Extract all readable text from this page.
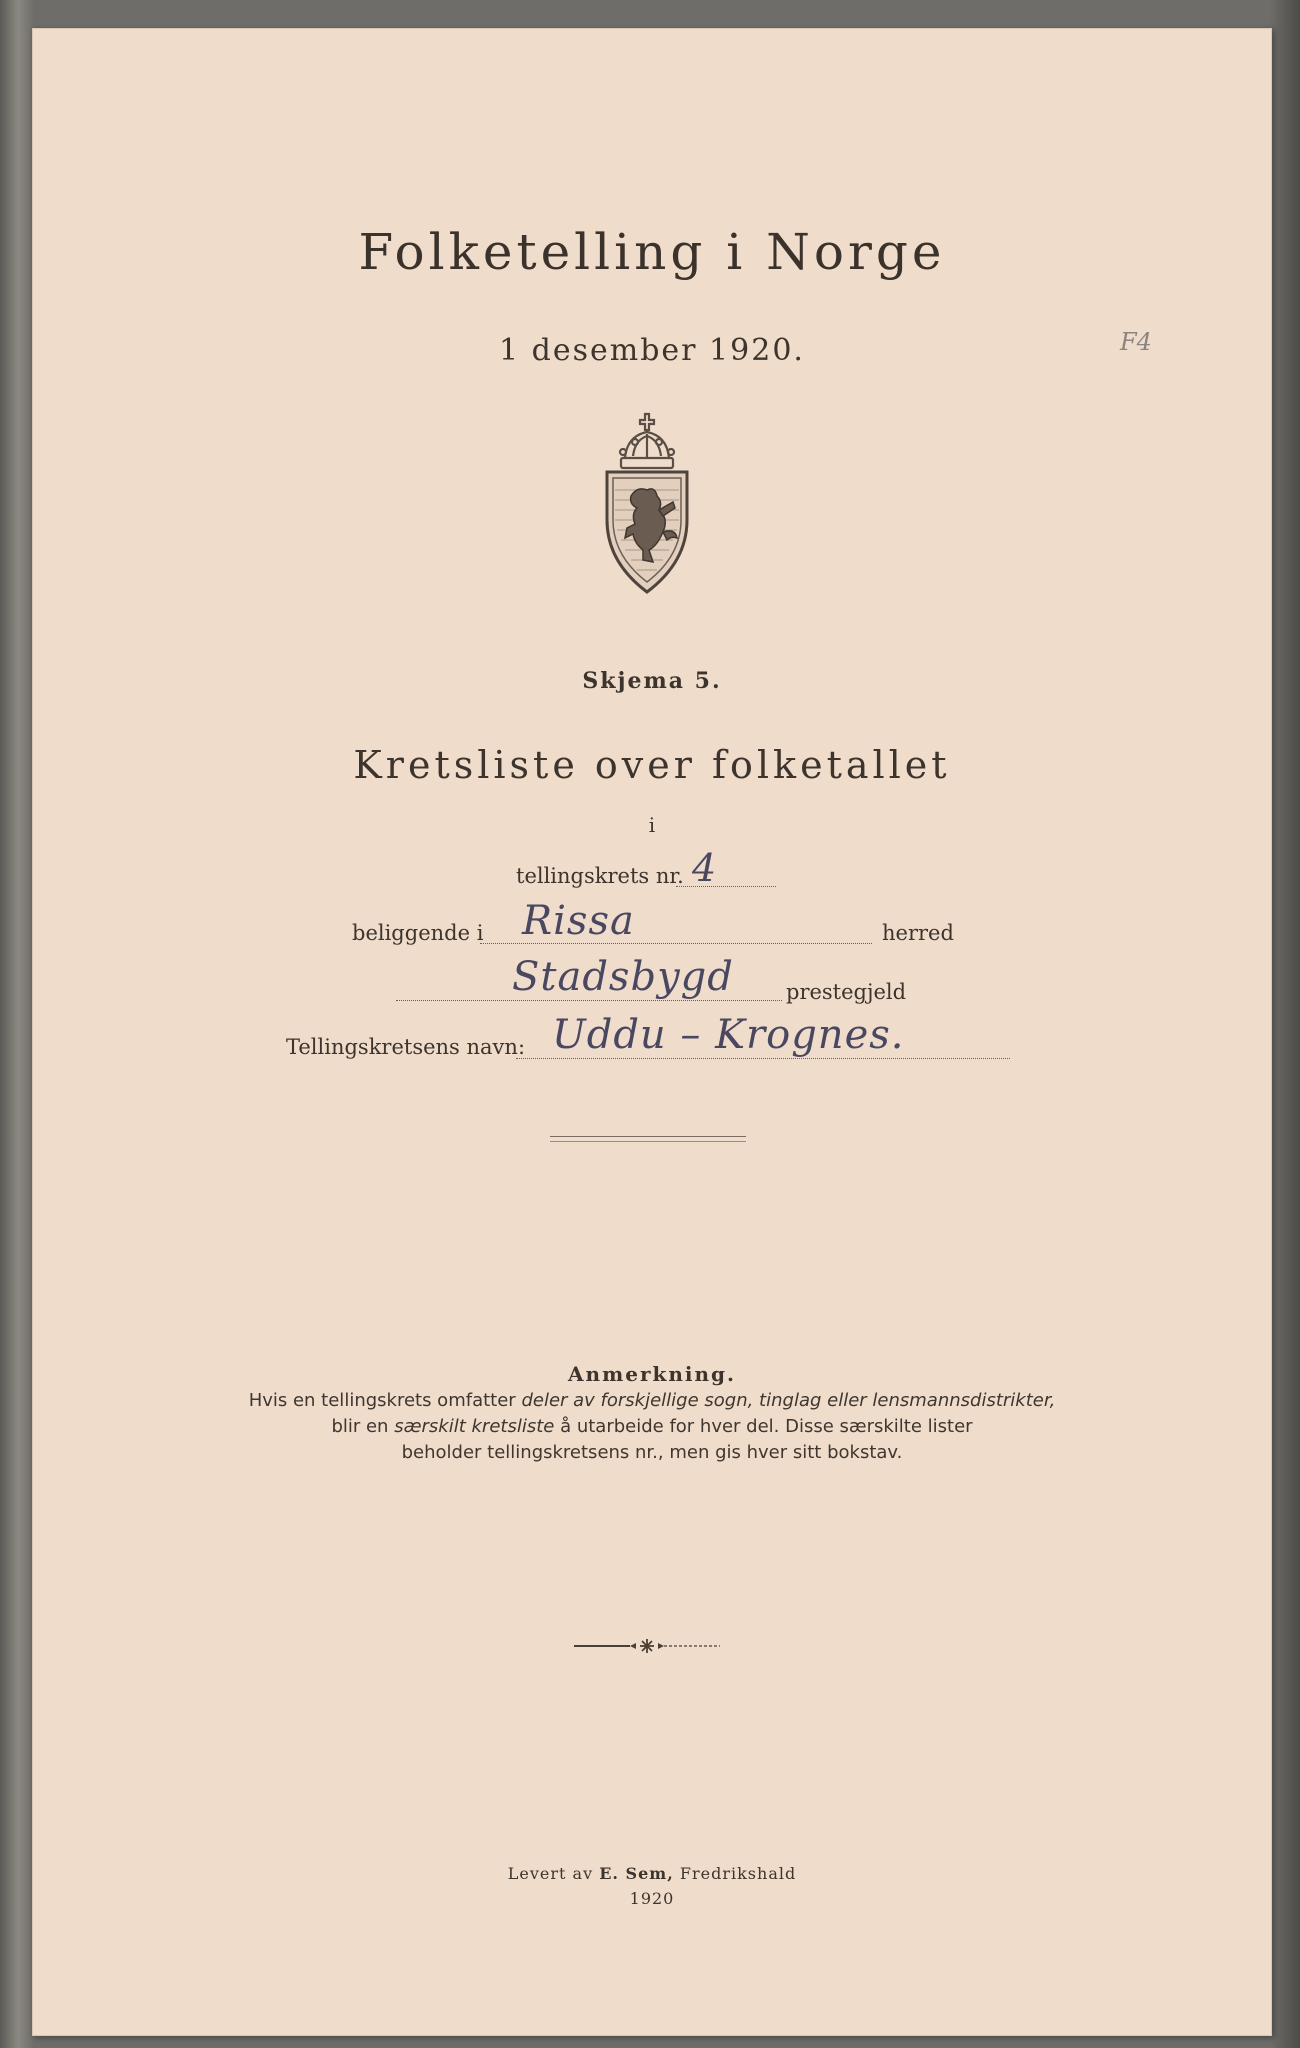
Folketelling i Norge
1 desember 1920.	F4
Skjema 5.
Kretsliste over folketallet
i
tellingskrets nr. 4
beliggende i Rissa	herred
Stadsbygd prestegjeld
Tellingskretsens navn: Uddu – Krognes.
Anmerkning.
Hvis en tellingskrets omfatter deler av forskjellige sogn, tinglag eller lensmannsdistrikter,
blir en særskilt kretsliste å utarbeide for hver del. Disse særskilte lister
beholder tellingskretsens nr., men gis hver sitt bokstav.
Levert av E. Sem, Fredrikshald
1920
